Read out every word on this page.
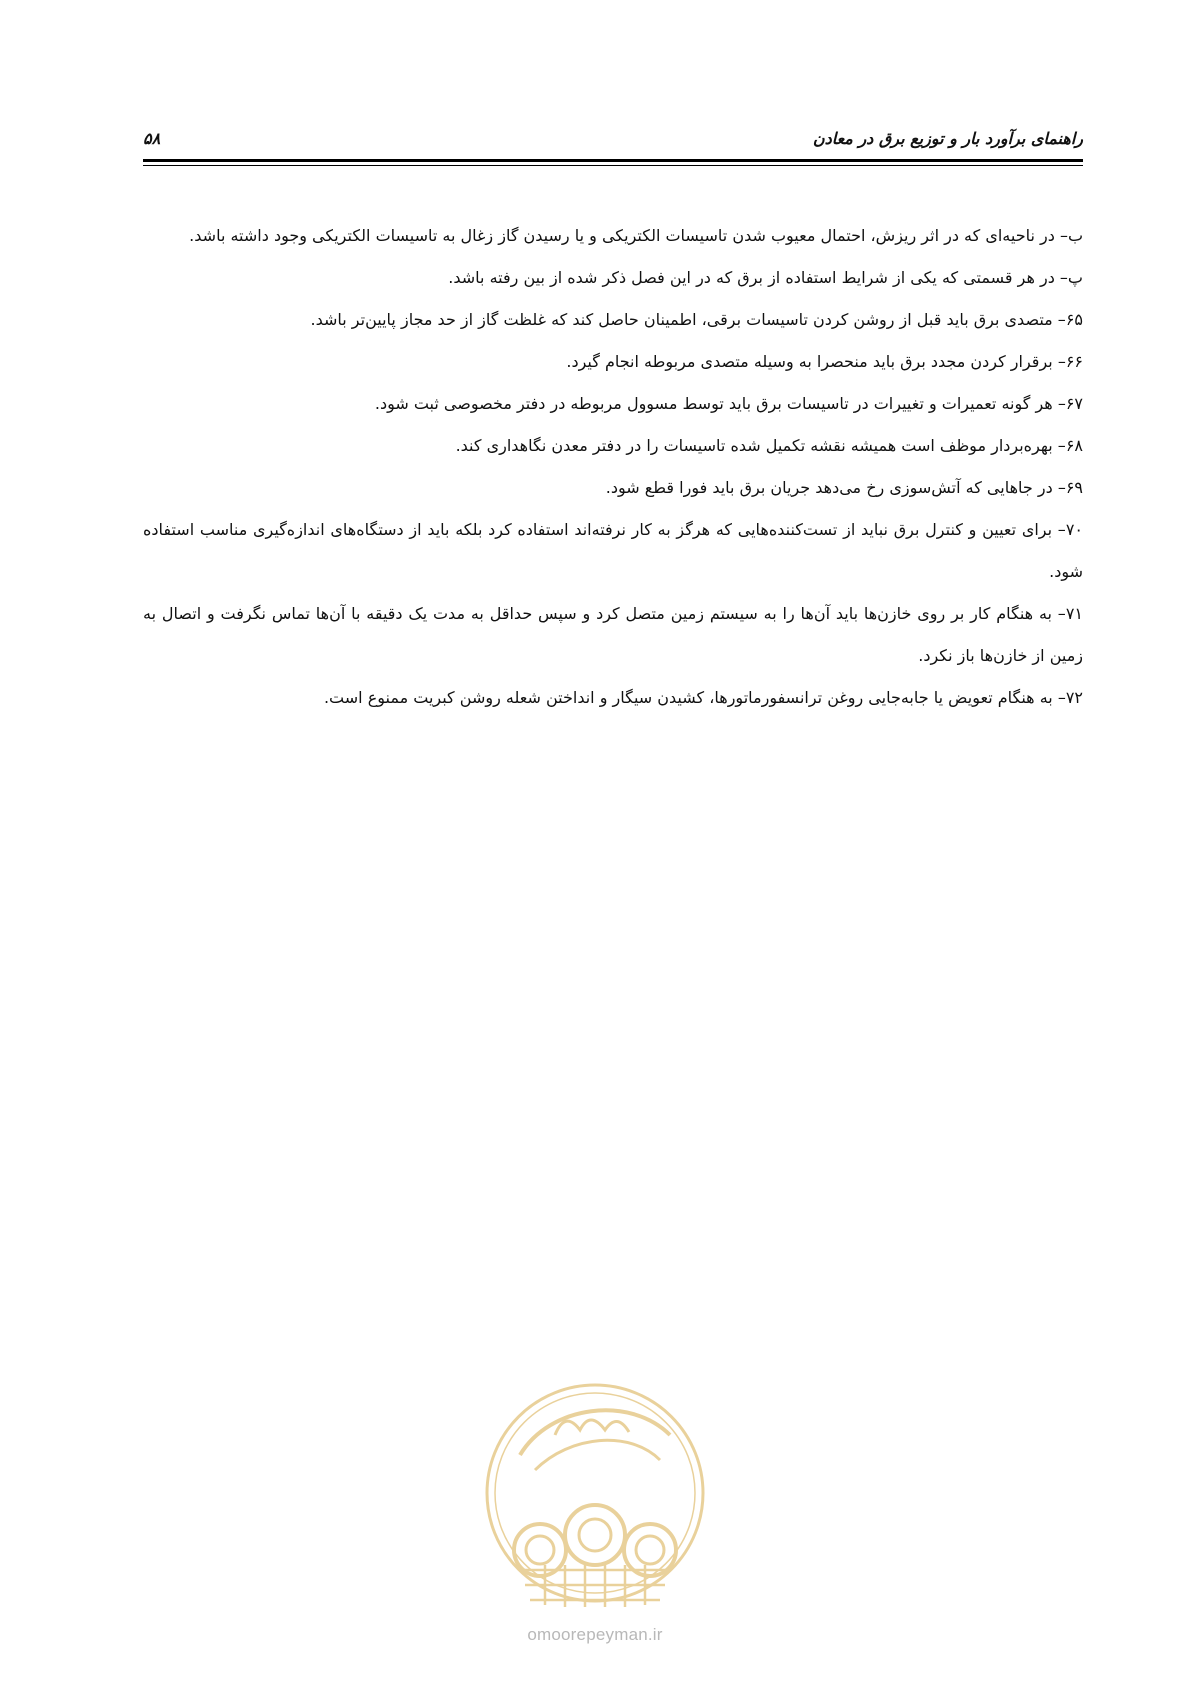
راهنمای برآورد بار و توزیع برق در معادن
۵۸

ب– در ناحیه‌ای که در اثر ریزش، احتمال معیوب شدن تاسیسات الکتریکی و یا رسیدن گاز زغال به تاسیسات الکتریکی وجود داشته باشد.

پ– در هر قسمتی که یکی از شرایط استفاده از برق که در این فصل ذکر شده از بین رفته باشد.

۶۵– متصدی برق باید قبل از روشن کردن تاسیسات برقی، اطمینان حاصل کند که غلظت گاز از حد مجاز پایین‌تر باشد.

۶۶– برقرار کردن مجدد برق باید منحصرا به وسیله متصدی مربوطه انجام گیرد.

۶۷– هر گونه تعمیرات و تغییرات در تاسیسات برق باید توسط مسوول مربوطه در دفتر مخصوصی ثبت شود.

۶۸– بهره‌بردار موظف است همیشه نقشه تکمیل شده تاسیسات را در دفتر معدن نگاهداری کند.

۶۹– در جاهایی که آتش‌سوزی رخ می‌دهد جریان برق باید فورا قطع شود.

۷۰– برای تعیین و کنترل برق نباید از تست‌کننده‌هایی که هرگز به کار نرفته‌اند استفاده کرد بلکه باید از دستگاه‌های اندازه‌گیری مناسب استفاده شود.

۷۱– به هنگام کار بر روی خازن‌ها باید آن‌ها را به سیستم زمین متصل کرد و سپس حداقل به مدت یک دقیقه با آن‌ها تماس نگرفت و اتصال به زمین از خازن‌ها باز نکرد.

۷۲– به هنگام تعویض یا جابه‌جایی روغن ترانسفورماتورها، کشیدن سیگار و انداختن شعله روشن کبریت ممنوع است.

omoorepeyman.ir
